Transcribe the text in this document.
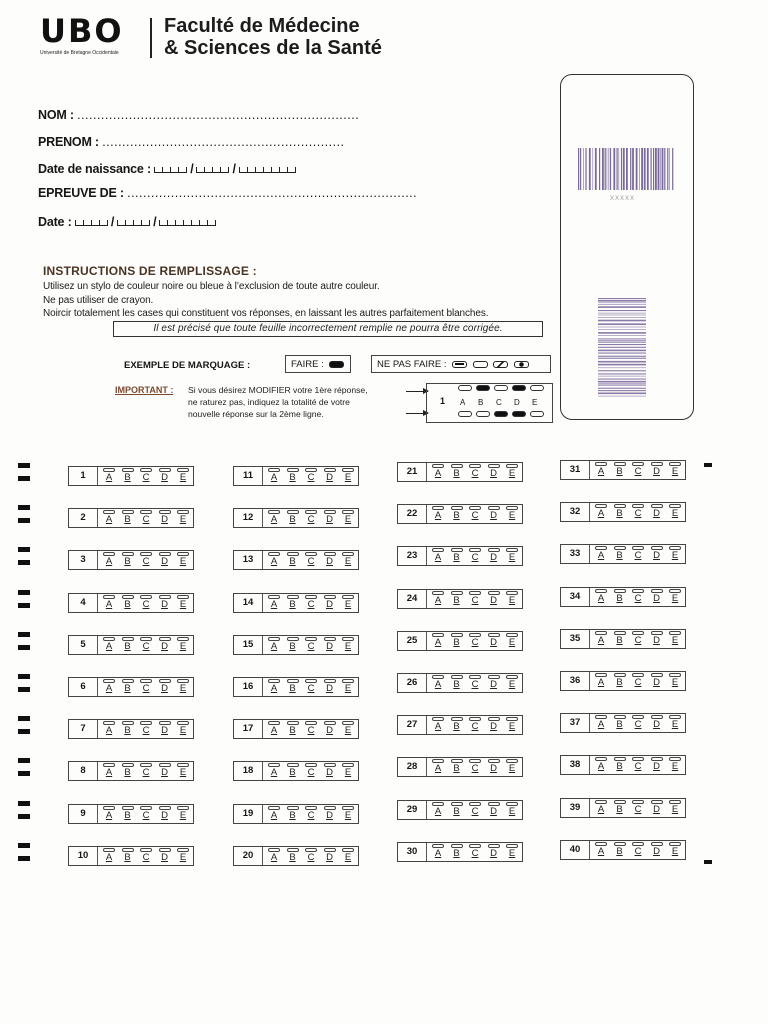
UBO
Université de Bretagne Occidentale
Faculté de Médecine
& Sciences de la Santé
NOM : .......................................................................
PRENOM : .............................................................
Date de naissance :	/	/
EPREUVE DE : .........................................................................
Date :	/	/
INSTRUCTIONS DE REMPLISSAGE :
Utilisez un stylo de couleur noire ou bleue à l’exclusion de toute autre couleur.
Ne pas utiliser de crayon.
Noircir totalement les cases qui constituent vos réponses, en laissant les autres parfaitement blanches.
Il est précisé que toute feuille incorrectement remplie ne pourra être corrigée.
EXEMPLE DE MARQUAGE :	FAIRE :	NE PAS FAIRE :
IMPORTANT : Si vous désirez MODIFIER votre 1ère réponse,
ne raturez pas, indiquez la totalité de votre
nouvelle réponse sur la 2ème ligne.
1 A B C D E
XXXXX
1	A	B	C	D	E
2	A	B	C	D	E
3	A	B	C	D	E
4	A	B	C	D	E
5	A	B	C	D	E
6	A	B	C	D	E
7	A	B	C	D	E
8	A	B	C	D	E
9	A	B	C	D	E
10	A	B	C	D	E
11	A	B	C	D	E
12	A	B	C	D	E
13	A	B	C	D	E
14	A	B	C	D	E
15	A	B	C	D	E
16	A	B	C	D	E
17	A	B	C	D	E
18	A	B	C	D	E
19	A	B	C	D	E
20	A	B	C	D	E
21	A	B	C	D	E
22	A	B	C	D	E
23	A	B	C	D	E
24	A	B	C	D	E
25	A	B	C	D	E
26	A	B	C	D	E
27	A	B	C	D	E
28	A	B	C	D	E
29	A	B	C	D	E
30	A	B	C	D	E
31	A	B	C	D	E
32	A	B	C	D	E
33	A	B	C	D	E
34	A	B	C	D	E
35	A	B	C	D	E
36	A	B	C	D	E
37	A	B	C	D	E
38	A	B	C	D	E
39	A	B	C	D	E
40	A	B	C	D	E
